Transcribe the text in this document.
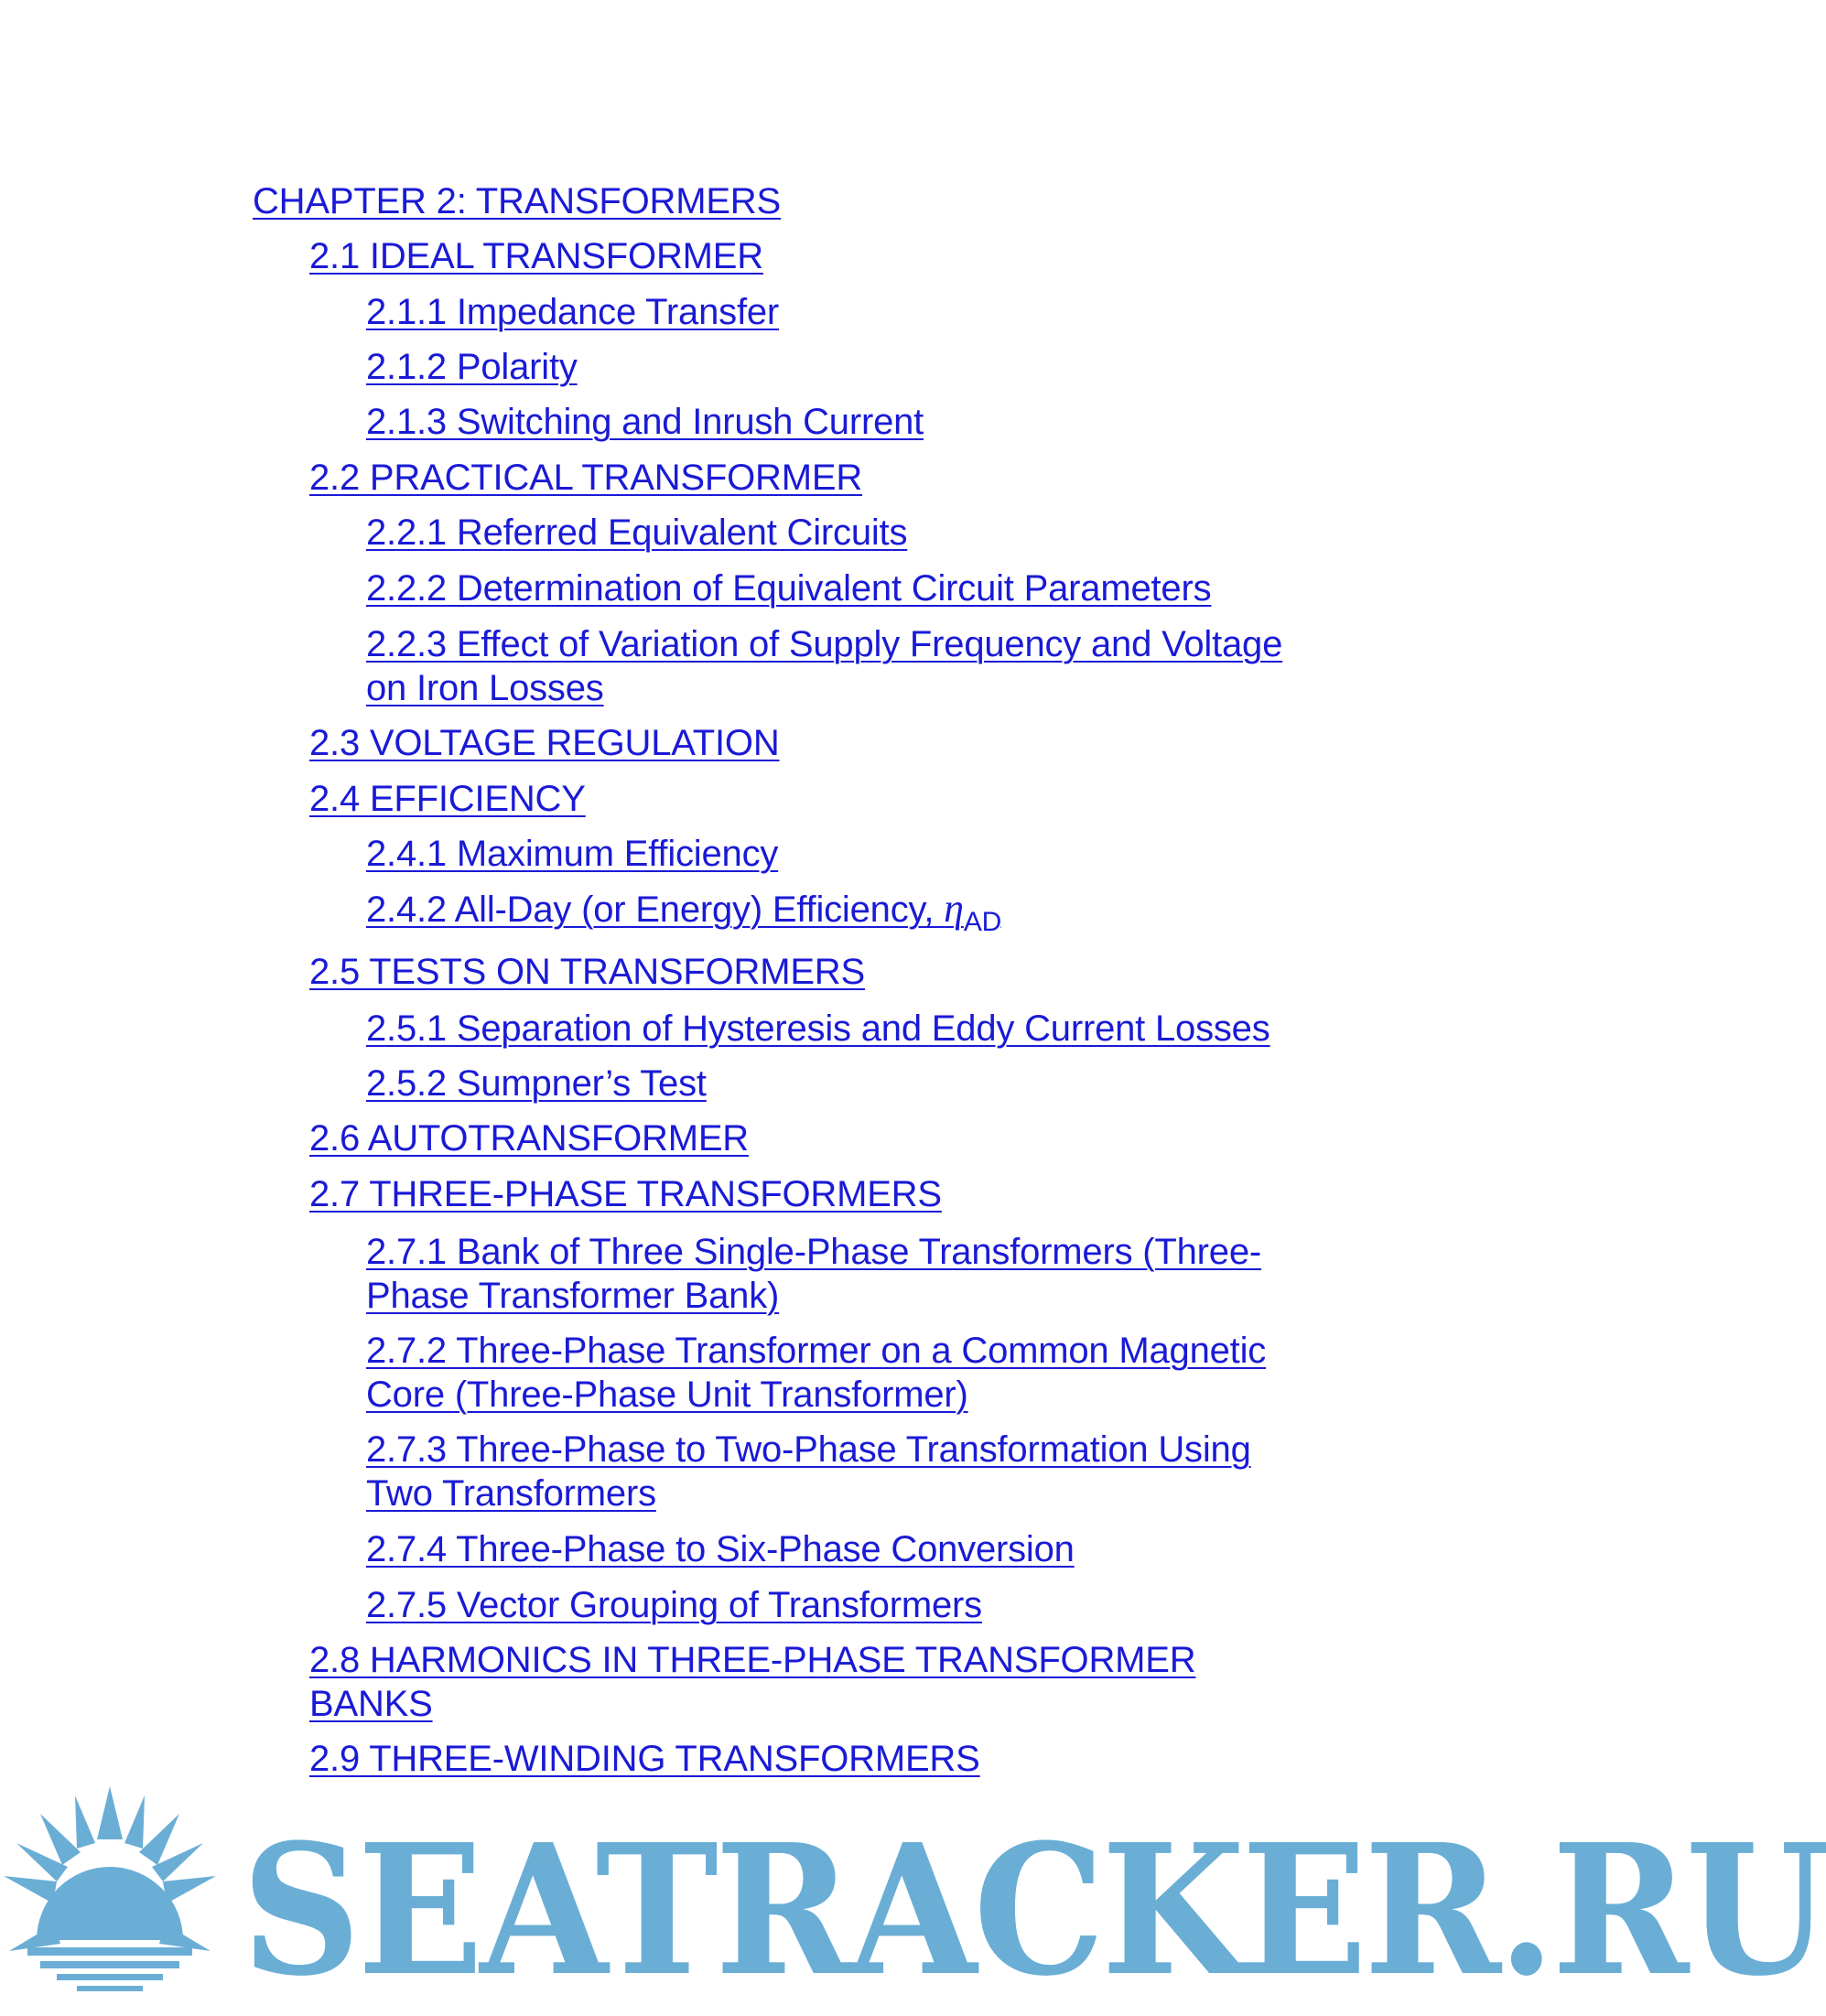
CHAPTER 2: TRANSFORMERS
2.1 IDEAL TRANSFORMER
2.1.1 Impedance Transfer
2.1.2 Polarity
2.1.3 Switching and Inrush Current
2.2 PRACTICAL TRANSFORMER
2.2.1 Referred Equivalent Circuits
2.2.2 Determination of Equivalent Circuit Parameters
2.2.3 Effect of Variation of Supply Frequency and Voltage
on Iron Losses
2.3 VOLTAGE REGULATION
2.4 EFFICIENCY
2.4.1 Maximum Efficiency
2.4.2 All-Day (or Energy) Efficiency, $\eta_{AD}$
2.5 TESTS ON TRANSFORMERS
2.5.1 Separation of Hysteresis and Eddy Current Losses
2.5.2 Sumpner’s Test
2.6 AUTOTRANSFORMER
2.7 THREE-PHASE TRANSFORMERS
2.7.1 Bank of Three Single-Phase Transformers (Three-
Phase Transformer Bank)
2.7.2 Three-Phase Transformer on a Common Magnetic
Core (Three-Phase Unit Transformer)
2.7.3 Three-Phase to Two-Phase Transformation Using
Two Transformers
2.7.4 Three-Phase to Six-Phase Conversion
2.7.5 Vector Grouping of Transformers
2.8 HARMONICS IN THREE-PHASE TRANSFORMER
BANKS
2.9 THREE-WINDING TRANSFORMERS
SEATRACKER.RU
